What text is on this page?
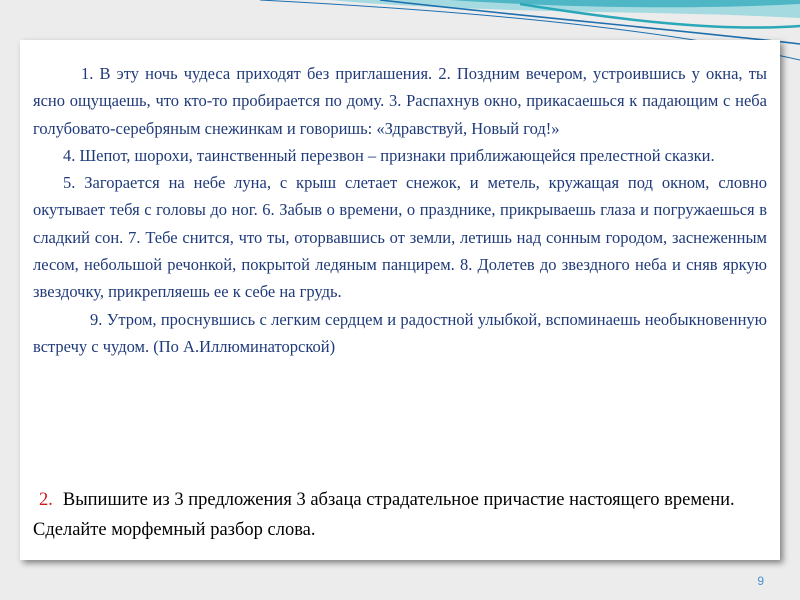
1. В эту ночь чудеса приходят без приглашения. 2. Поздним вечером, устроившись у окна, ты ясно ощущаешь, что кто-то пробирается по дому. 3. Распахнув окно, прикасаешься к падающим с неба голубовато-серебряным снежинкам и говоришь: «Здравствуй, Новый год!»

4. Шепот, шорохи, таинственный перезвон – признаки приближающейся прелестной сказки.

5. Загорается на небе луна, с крыш слетает снежок, и метель, кружащая под окном, словно окутывает тебя с головы до ног. 6. Забыв о времени, о празднике, прикрываешь глаза и погружаешься в сладкий сон. 7. Тебе снится, что ты, оторвавшись от земли, летишь над сонным городом, заснеженным лесом, небольшой речонкой, покрытой ледяным панцирем. 8. Долетев до звездного неба и сняв яркую звездочку, прикрепляешь ее к себе на грудь.

9. Утром, проснувшись с легким сердцем и радостной улыбкой, вспоминаешь необыкновенную встречу с чудом. (По А.Иллюминаторской)

2. Выпишите из 3 предложения 3 абзаца страдательное причастие настоящего времени. Сделайте морфемный разбор слова.
9
